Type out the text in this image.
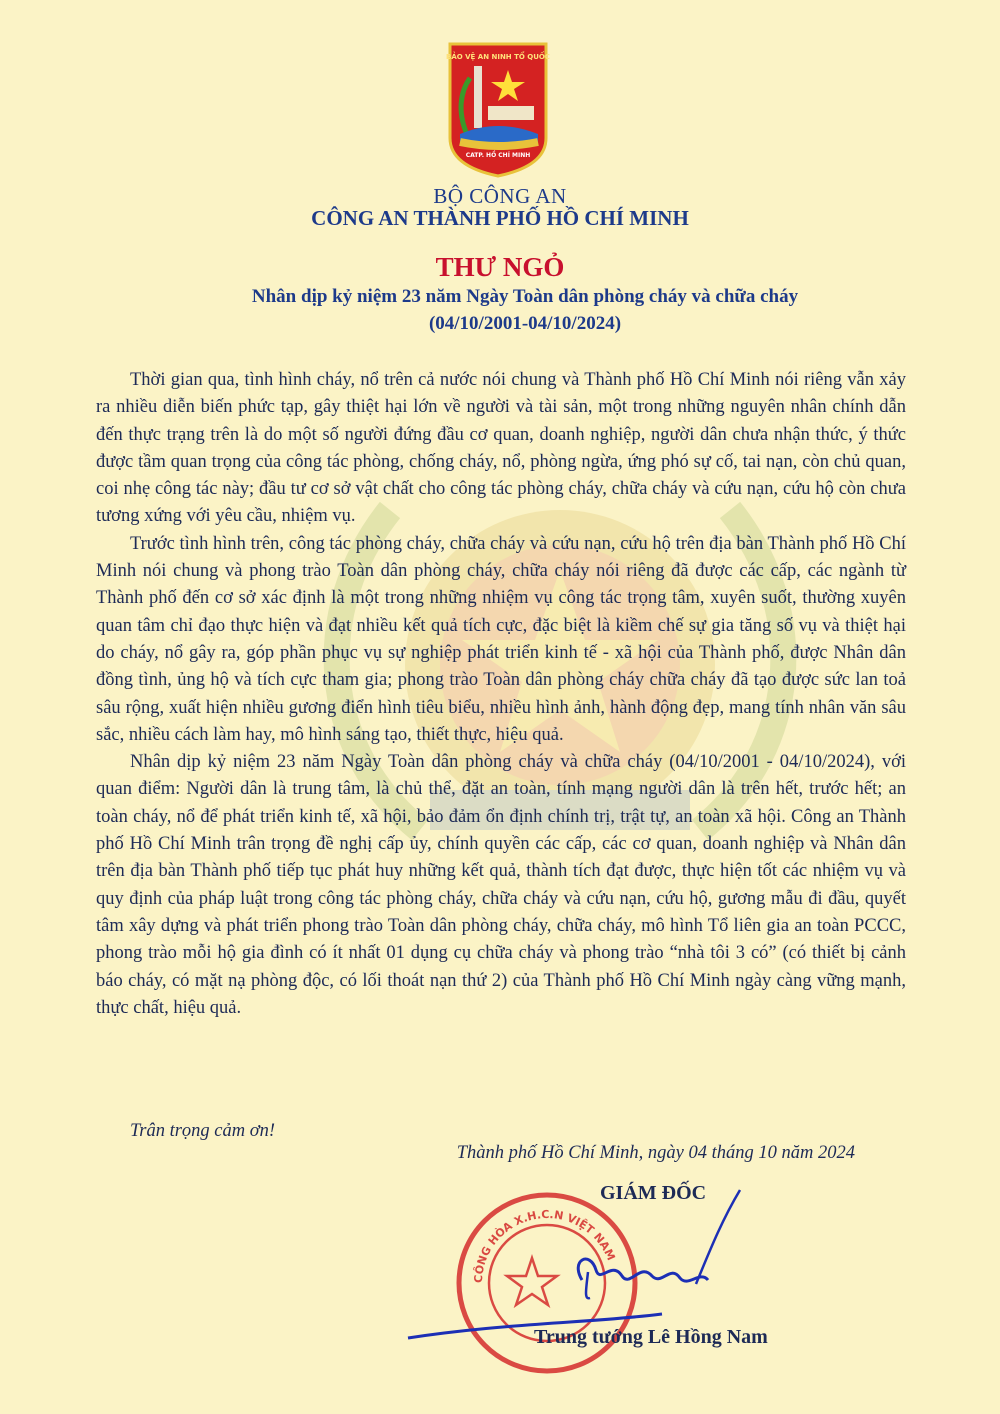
BẢO VỆ AN NINH TỔ QUỐC
CATP. HỒ CHÍ MINH
BỘ CÔNG AN
CÔNG AN THÀNH PHỐ HỒ CHÍ MINH
THƯ NGỎ
Nhân dịp kỷ niệm 23 năm Ngày Toàn dân phòng cháy và chữa cháy
(04/10/2001-04/10/2024)

Thời gian qua, tình hình cháy, nổ trên cả nước nói chung và Thành phố Hồ Chí Minh nói riêng vẫn xảy ra nhiều diễn biến phức tạp, gây thiệt hại lớn về người và tài sản, một trong những nguyên nhân chính dẫn đến thực trạng trên là do một số người đứng đầu cơ quan, doanh nghiệp, người dân chưa nhận thức, ý thức được tầm quan trọng của công tác phòng, chống cháy, nổ, phòng ngừa, ứng phó sự cố, tai nạn, còn chủ quan, coi nhẹ công tác này; đầu tư cơ sở vật chất cho công tác phòng cháy, chữa cháy và cứu nạn, cứu hộ còn chưa tương xứng với yêu cầu, nhiệm vụ.

Trước tình hình trên, công tác phòng cháy, chữa cháy và cứu nạn, cứu hộ trên địa bàn Thành phố Hồ Chí Minh nói chung và phong trào Toàn dân phòng cháy, chữa cháy nói riêng đã được các cấp, các ngành từ Thành phố đến cơ sở xác định là một trong những nhiệm vụ công tác trọng tâm, xuyên suốt, thường xuyên quan tâm chỉ đạo thực hiện và đạt nhiều kết quả tích cực, đặc biệt là kiềm chế sự gia tăng số vụ và thiệt hại do cháy, nổ gây ra, góp phần phục vụ sự nghiệp phát triển kinh tế - xã hội của Thành phố, được Nhân dân đồng tình, ủng hộ và tích cực tham gia; phong trào Toàn dân phòng cháy chữa cháy đã tạo được sức lan toả sâu rộng, xuất hiện nhiều gương điển hình tiêu biểu, nhiều hình ảnh, hành động đẹp, mang tính nhân văn sâu sắc, nhiều cách làm hay, mô hình sáng tạo, thiết thực, hiệu quả.

Nhân dịp kỷ niệm 23 năm Ngày Toàn dân phòng cháy và chữa cháy (04/10/2001 - 04/10/2024), với quan điểm: Người dân là trung tâm, là chủ thể, đặt an toàn, tính mạng người dân là trên hết, trước hết; an toàn cháy, nổ để phát triển kinh tế, xã hội, bảo đảm ổn định chính trị, trật tự, an toàn xã hội. Công an Thành phố Hồ Chí Minh trân trọng đề nghị cấp ủy, chính quyền các cấp, các cơ quan, doanh nghiệp và Nhân dân trên địa bàn Thành phố tiếp tục phát huy những kết quả, thành tích đạt được, thực hiện tốt các nhiệm vụ và quy định của pháp luật trong công tác phòng cháy, chữa cháy và cứu nạn, cứu hộ, gương mẫu đi đầu, quyết tâm xây dựng và phát triển phong trào Toàn dân phòng cháy, chữa cháy, mô hình Tổ liên gia an toàn PCCC, phong trào mỗi hộ gia đình có ít nhất 01 dụng cụ chữa cháy và phong trào “nhà tôi 3 có” (có thiết bị cảnh báo cháy, có mặt nạ phòng độc, có lối thoát nạn thứ 2) của Thành phố Hồ Chí Minh ngày càng vững mạnh, thực chất, hiệu quả.

Trân trọng cảm ơn!
Thành phố Hồ Chí Minh, ngày 04 tháng 10 năm 2024
CÔNG HÒA X.H.C.N VIỆT NAM
GIÁM ĐỐC
Trung tướng Lê Hồng Nam
